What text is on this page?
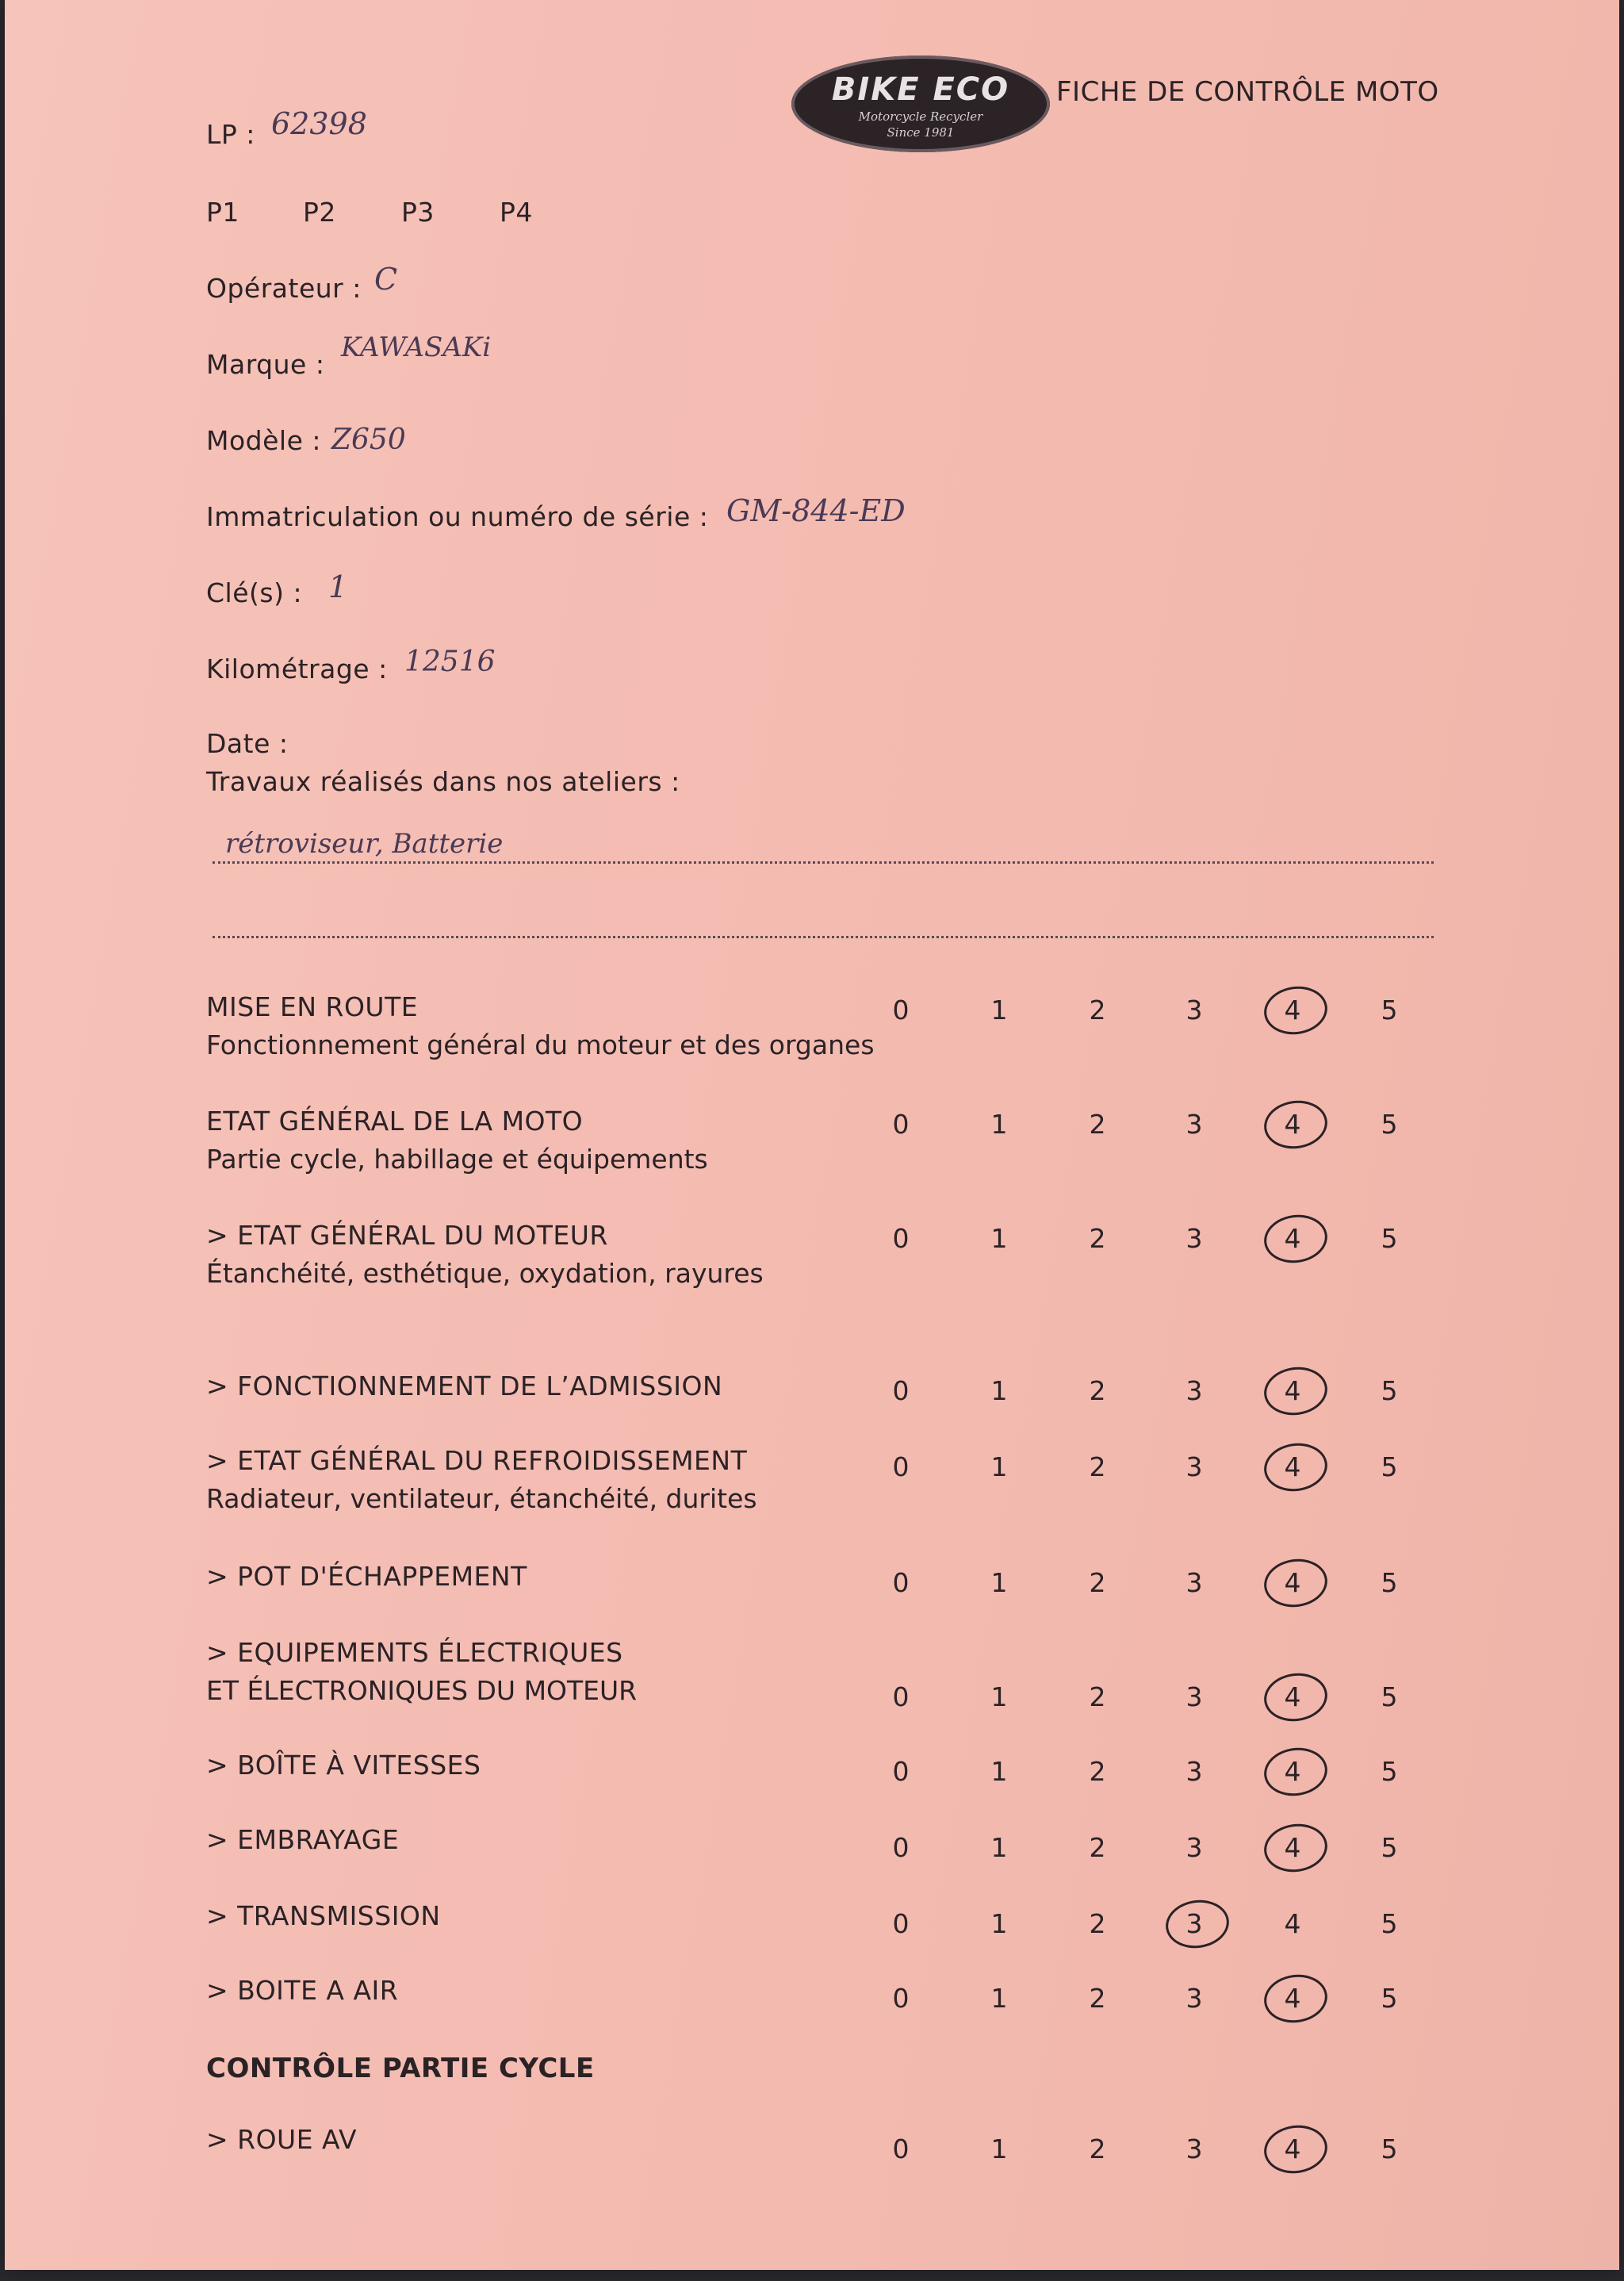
BIKE ECO
Motorcycle Recycler
Since 1981
FICHE DE CONTRÔLE MOTO
LP : 62398
P1 P2 P3 P4
Opérateur : C
Marque :
KAWASAKi
Modèle : Z650
Immatriculation ou numéro de série : GM-844-ED
Clé(s) : 1
Kilométrage : 12516
Date :
Travaux réalisés dans nos ateliers :
rétroviseur, Batterie
MISE EN ROUTE
Fonctionnement général du moteur et des organes
0	1	2	3	4	5
ETAT GÉNÉRAL DE LA MOTO
Partie cycle, habillage et équipements
0	1	2	3	4	5
> ETAT GÉNÉRAL DU MOTEUR
Étanchéité, esthétique, oxydation, rayures
0	1	2	3	4	5
> FONCTIONNEMENT DE L’ADMISSION	0	1	2	3	4	5
> ETAT GÉNÉRAL DU REFROIDISSEMENT
Radiateur, ventilateur, étanchéité, durites
0	1	2	3	4	5
> POT D'ÉCHAPPEMENT	0	1	2	3	4	5
> EQUIPEMENTS ÉLECTRIQUES
ET ÉLECTRONIQUES DU MOTEUR	0	1	2	3	4	5
> BOÎTE À VITESSES	0	1	2	3	4	5
> EMBRAYAGE	0	1	2	3	4	5
> TRANSMISSION	0	1	2	3	4	5
> BOITE A AIR	0	1	2	3	4	5
CONTRÔLE PARTIE CYCLE
> ROUE AV	0	1	2	3	4	5
